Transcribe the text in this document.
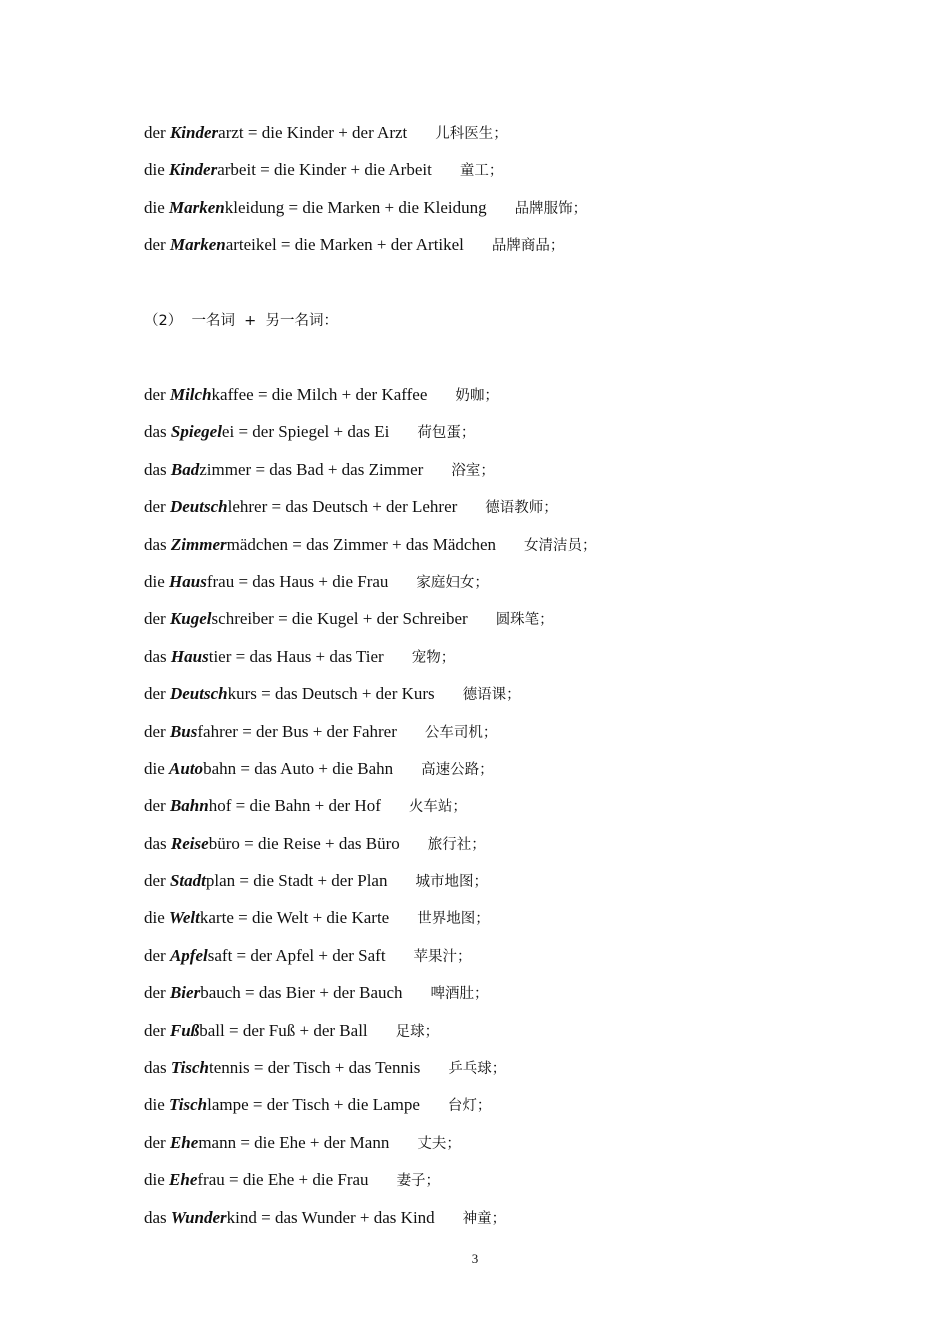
der Kinderarzt = die Kinder + der Arzt 儿科医生；
die Kinderarbeit = die Kinder + die Arbeit 童工；
die Markenkleidung = die Marken + die Kleidung 品牌服饰；
der Markenarteikel = die Marken + der Artikel 品牌商品；
（2）  一名词  +  另一名词：
der Milchkaffee = die Milch + der Kaffee 奶咖；
das Spiegelei = der Spiegel + das Ei 荷包蛋；
das Badzimmer = das Bad + das Zimmer 浴室；
der Deutschlehrer = das Deutsch + der Lehrer 德语教师；
das Zimmermädchen = das Zimmer + das Mädchen 女清洁员；
die Hausfrau = das Haus + die Frau 家庭妇女；
der Kugelschreiber = die Kugel + der Schreiber 圆珠笔；
das Haustier = das Haus + das Tier 宠物；
der Deutschkurs = das Deutsch + der Kurs 德语课；
der Busfahrer = der Bus + der Fahrer 公车司机；
die Autobahn = das Auto + die Bahn 高速公路；
der Bahnhof = die Bahn + der Hof 火车站；
das Reisebüro = die Reise + das Büro 旅行社；
der Stadtplan = die Stadt + der Plan 城市地图；
die Weltkarte = die Welt + die Karte 世界地图；
der Apfelsaft = der Apfel + der Saft 苹果汁；
der Bierbauch = das Bier + der Bauch 啤酒肚；
der Fußball = der Fuß + der Ball 足球；
das Tischtennis = der Tisch + das Tennis 乒乓球；
die Tischlampe = der Tisch + die Lampe 台灯；
der Ehemann = die Ehe + der Mann 丈夫；
die Ehefrau = die Ehe + die Frau 妻子；
das Wunderkind = das Wunder + das Kind 神童；
3
